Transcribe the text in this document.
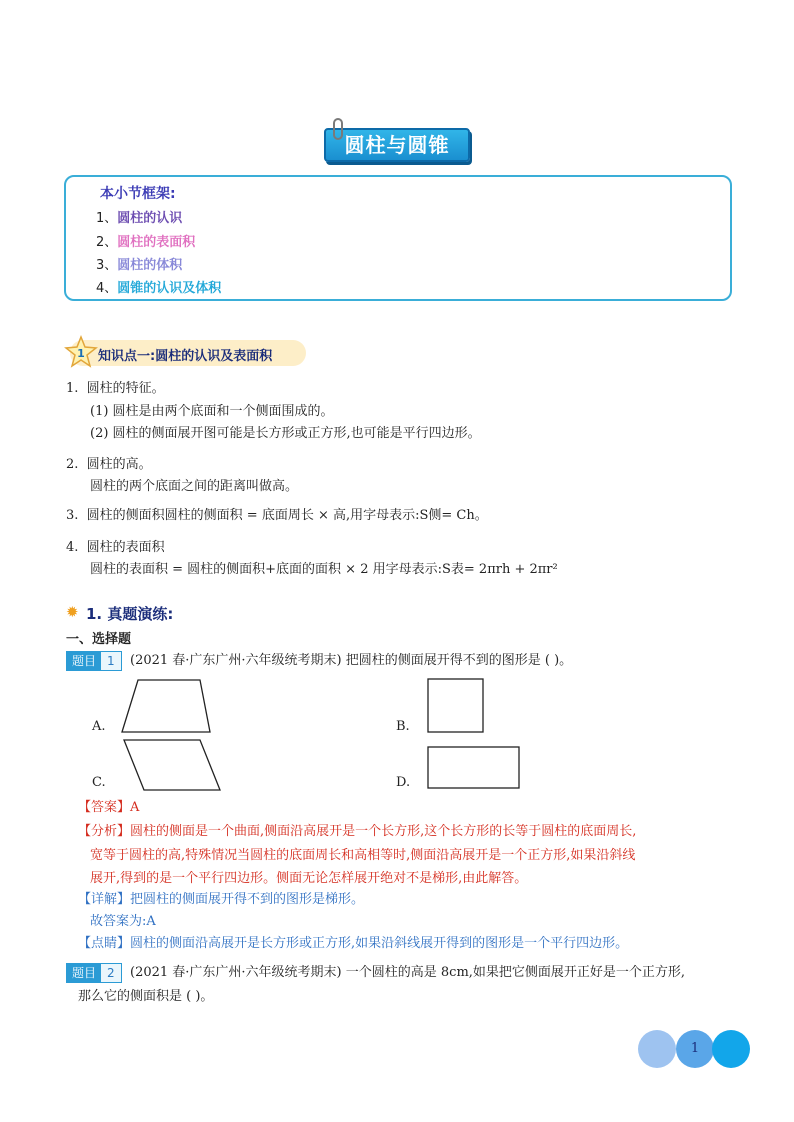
圆柱与圆锥
本小节框架:
1、圆柱的认识
2、圆柱的表面积
3、圆柱的体积
4、圆锥的认识及体积
1 知识点一:圆柱的认识及表面积
1. 圆柱的特征。
(1) 圆柱是由两个底面和一个侧面围成的。
(2) 圆柱的侧面展开图可能是长方形或正方形,也可能是平行四边形。
2. 圆柱的高。
圆柱的两个底面之间的距离叫做高。
3. 圆柱的侧面积圆柱的侧面积 = 底面周长 × 高,用字母表示:S侧= Ch。
4. 圆柱的表面积
圆柱的表面积 = 圆柱的侧面积+底面的面积 × 2 用字母表示:S表= 2πrh + 2πr²
✹ 1. 真题演练:
一、选择题
题目 1	(2021 春·广东广州·六年级统考期末) 把圆柱的侧面展开得不到的图形是 ( )。
A.	B.
C.	D.
【答案】A
【分析】圆柱的侧面是一个曲面,侧面沿高展开是一个长方形,这个长方形的长等于圆柱的底面周长,
宽等于圆柱的高,特殊情况当圆柱的底面周长和高相等时,侧面沿高展开是一个正方形,如果沿斜线
展开,得到的是一个平行四边形。侧面无论怎样展开绝对不是梯形,由此解答。
【详解】把圆柱的侧面展开得不到的图形是梯形。
故答案为:A
【点睛】圆柱的侧面沿高展开是长方形或正方形,如果沿斜线展开得到的图形是一个平行四边形。
题目 2	(2021 春·广东广州·六年级统考期末) 一个圆柱的高是 8cm,如果把它侧面展开正好是一个正方形,
那么它的侧面积是 ( )。
1
